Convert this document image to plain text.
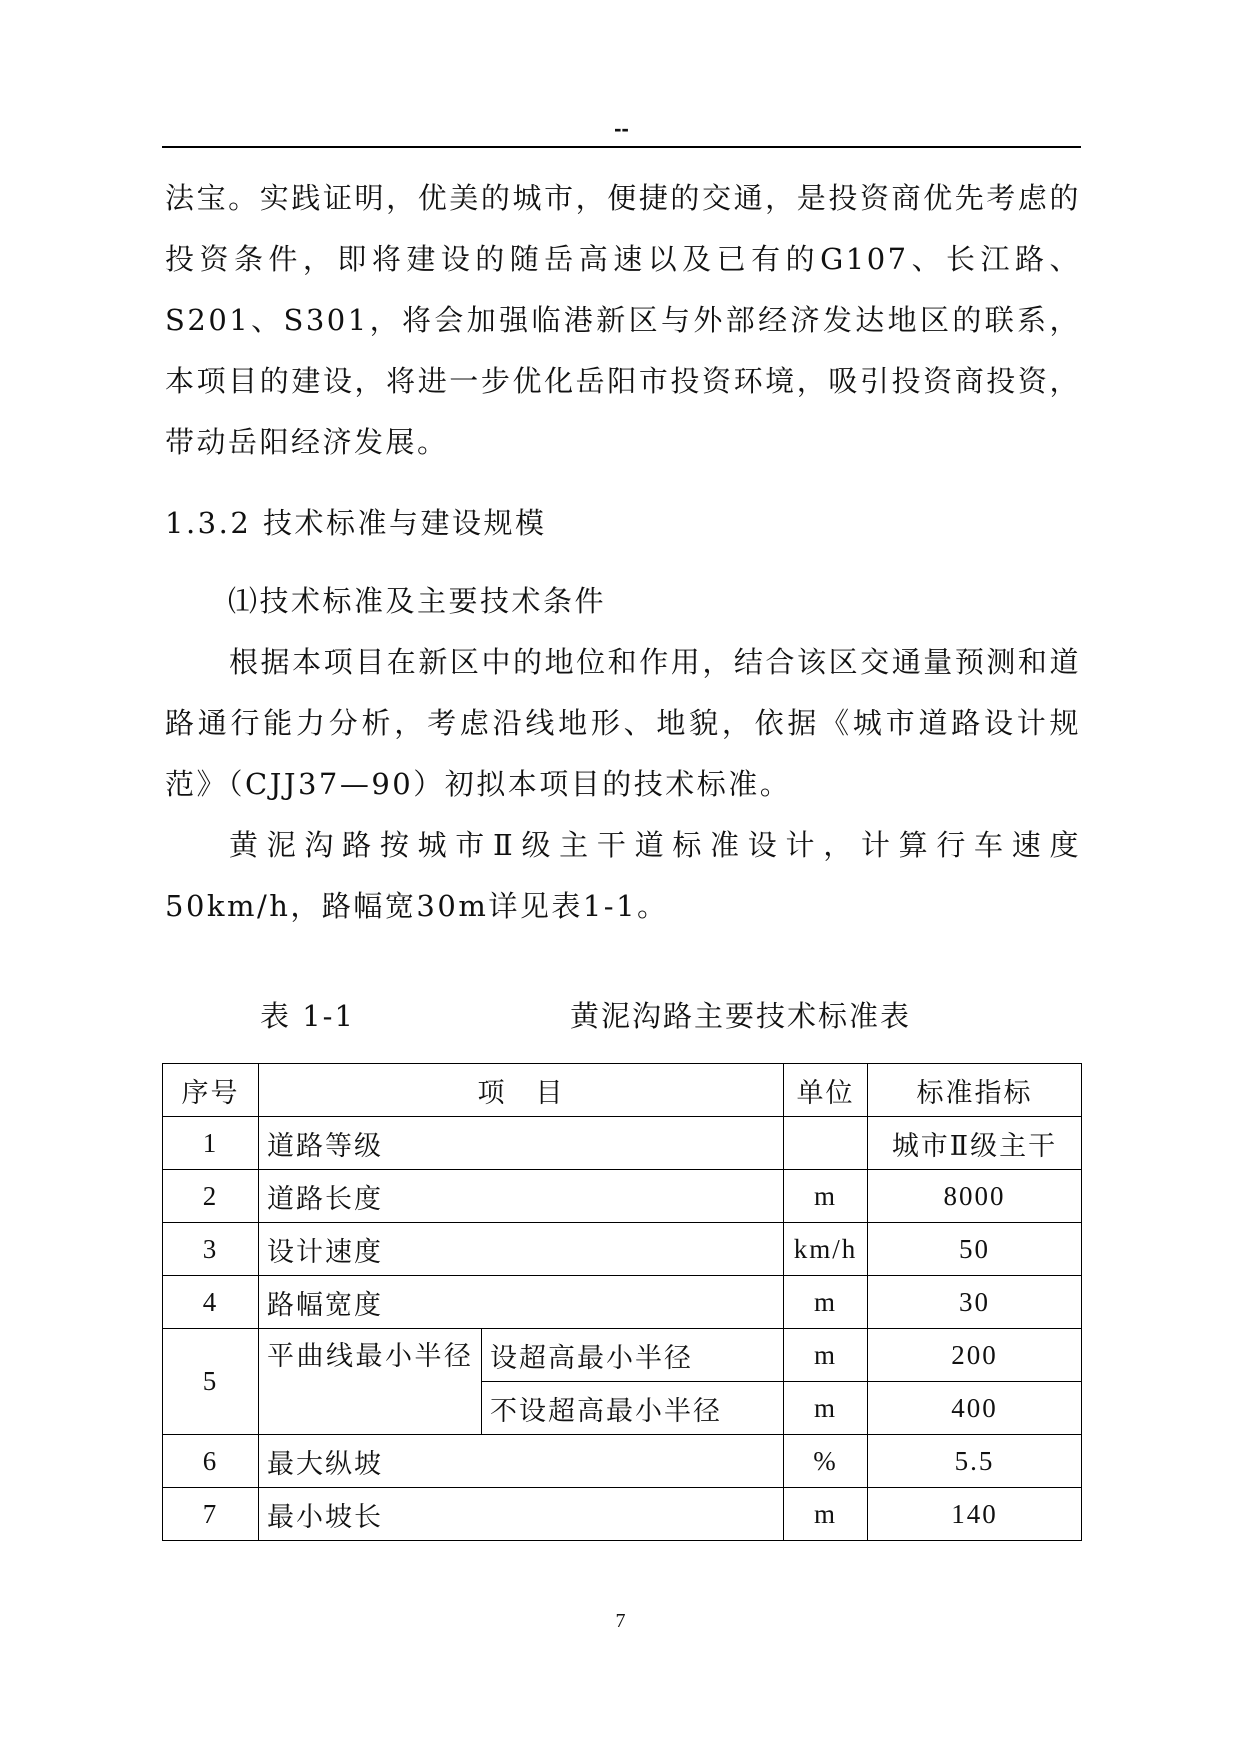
--

法宝。实践证明，优美的城市，便捷的交通，是投资商优先考虑的投资条件，即将建设的随岳高速以及已有的G107、长江路、S201、S301，将会加强临港新区与外部经济发达地区的联系，本项目的建设，将进一步优化岳阳市投资环境，吸引投资商投资，带动岳阳经济发展。

1.3.2 技术标准与建设规模

⑴技术标准及主要技术条件

根据本项目在新区中的地位和作用，结合该区交通量预测和道路通行能力分析，考虑沿线地形、地貌，依据《城市道路设计规范》（CJJ37—90）初拟本项目的技术标准。

黄泥沟路按城市Ⅱ级主干道标准设计，计算行车速度50km/h，路幅宽30m详见表1-1。

表 1-1	黄泥沟路主要技术标准表
序号	项　目		单位	标准指标
1	道路等级			城市Ⅱ级主干
2	道路长度		m	8000
3	设计速度		km/h	50
4	路幅宽度		m	30
5	平曲线最小半径	设超高最小半径	m	200
		不设超高最小半径	m	400
6	最大纵坡		%	5.5
7	最小坡长		m	140
7
